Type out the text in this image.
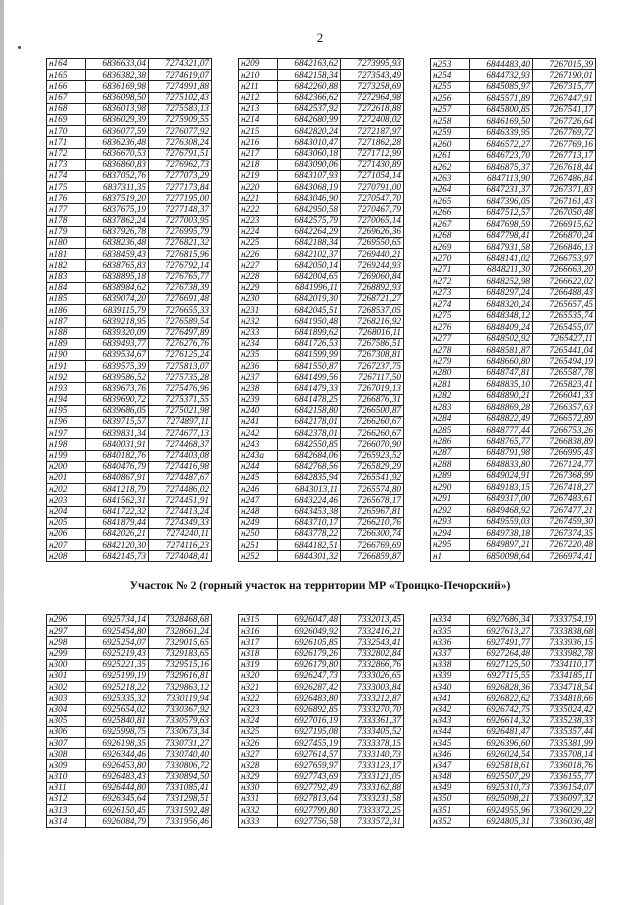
2
н164	6836633,04	7274321,07
н165	6836382,38	7274619,07
н166	6836169,98	7274991,88
н167	6836098,50	7275102,43
н168	6836013,98	7275583,13
н169	6836029,39	7275909,55
н170	6836077,59	7276077,92
н171	6836236,48	7276308,24
н172	6836670,53	7276791,51
н173	6836860,83	7276962,73
н174	6837052,76	7277073,29
н175	6837311,35	7277173,84
н176	6837519,20	7277195,00
н177	6837675,19	7277148,37
н178	6837862,24	7277003,95
н179	6837926,78	7276995,79
н180	6838236,48	7276821,32
н181	6838459,43	7276815,96
н182	6838765,83	7276792,14
н183	6838895,18	7276765,77
н184	6838984,62	7276738,39
н185	6839074,20	7276691,48
н186	6839115,79	7276655,33
н187	6839218,95	7276589,54
н188	6839320,09	7276497,89
н189	6839493,77	7276276,76
н190	6839534,67	7276125,24
н191	6839575,39	7275813,07
н192	6839586,52	7275735,28
н193	6839673,76	7275476,96
н194	6839690,72	7275371,55
н195	6839686,05	7275021,98
н196	6839715,57	7274897,11
н197	6839831,34	7274677,13
н198	6840031,91	7274468,37
н199	6840182,76	7274403,08
н200	6840476,79	7274416,98
н201	6840867,91	7274487,67
н202	6841218,79	7274486,02
н203	6841562,31	7274451,91
н204	6841722,32	7274413,24
н205	6841879,44	7274349,33
н206	6842026,21	7274240,11
н207	6842120,30	7274116,23
н208	6842145,73	7274048,41
н209	6842163,62	7273995,93
н210	6842158,34	7273543,49
н211	6842260,88	7273258,69
н212	6842366,62	7272964,98
н213	6842537,92	7272618,88
н214	6842680,99	7272408,02
н215	6842820,24	7272187,97
н216	6843010,47	7271862,28
н217	6843060,18	7271712,99
н218	6843090,06	7271430,89
н219	6843107,93	7271054,14
н220	6843068,19	7270791,00
н221	6843046,90	7270547,70
н222	6842950,58	7270467,79
н223	6842575,79	7270065,14
н224	6842264,29	7269626,36
н225	6842188,34	7269550,65
н226	6842102,37	7269440,21
н227	6842050,14	7269244,93
н228	6842004,65	7269060,84
н229	6841996,11	7268892,93
н230	6842019,30	7268721,27
н231	6842045,51	7268537,05
н232	6841950,48	7268216,92
н233	6841899,62	7268016,11
н234	6841726,53	7267586,51
н235	6841599,99	7267308,81
н236	6841550,87	7267237,75
н237	6841499,56	7267117,50
н238	6841479,33	7267019,13
н239	6841478,25	7266876,31
н240	6842158,80	7266500,87
н241	6842178,01	7266260,67
н242	6842378,01	7266260,67
н243	6842550,85	7266070,90
н243а	6842684,06	7265923,52
н244	6842768,56	7265829,29
н245	6842835,94	7265541,92
н246	6843013,11	7265574,80
н247	6843224,46	7265678,17
н248	6843453,38	7265967,81
н249	6843710,17	7266210,76
н250	6843778,22	7266300,74
н251	6844182,51	7266769,69
н252	6844301,32	7266859,87
н253	6844483,40	7267015,39
н254	6844732,93	7267190,01
н255	6845085,97	7267315,77
н256	6845571,89	7267447,91
н257	6845800,85	7267541,17
н258	6846169,50	7267726,64
н259	6846339,95	7267769,72
н260	6846572,27	7267769,16
н261	6846723,70	7267713,17
н262	6846875,37	7267618,44
н263	6847113,90	7267486,84
н264	6847231,37	7267371,83
н265	6847396,05	7267161,43
н266	6847512,57	7267050,48
н267	6847698,59	7266915,62
н268	6847798,41	7266870,24
н269	6847931,58	7266846,13
н270	6848141,02	7266753,97
н271	6848211,30	7266663,20
н272	6848252,98	7266622,02
н273	6848297,24	7266488,43
н274	6848320,24	7265657,45
н275	6848348,12	7265535,74
н276	6848409,24	7265455,07
н277	6848502,92	7265427,11
н278	6848581,87	7265441,04
н279	6848660,80	7265494,19
н280	6848747,81	7265587,78
н281	6848835,10	7265823,41
н282	6848890,21	7266041,33
н283	6848869,28	7266357,63
н284	6848822,49	7266572,89
н285	6848777,44	7266753,26
н286	6848765,77	7266838,89
н287	6848791,98	7266995,43
н288	6848833,80	7267124,77
н289	6849024,91	7267368,99
н290	6849183,15	7267418,27
н291	6849317,00	7267483,61
н292	6849468,92	7267477,21
н293	6849559,03	7267459,30
н294	6849738,18	7267374,35
н295	6849897,21	7267220,48
н1	6850098,64	7266974,41
Участок № 2 (горный участок на территории МР «Троицко-Печорский»)
н296	6925734,14	7328468,68
н297	6925454,80	7328661,24
н298	6925254,07	7329015,65
н299	6925219,43	7329183,65
н300	6925221,35	7329515,16
н301	6925199,19	7329616,81
н302	6925218,22	7329863,12
н303	6925335,32	7330119,94
н304	6925654,02	7330367,92
н305	6925840,81	7330579,63
н306	6925998,75	7330673,34
н307	6926198,35	7330731,27
н308	6926344,46	7330740,40
н309	6926453,80	7330806,72
н310	6926483,43	7330894,50
н311	6926444,80	7331085,41
н312	6926345,64	7331298,51
н313	6926150,45	7331592,48
н314	6926084,79	7331956,46
н315	6926047,48	7332013,45
н316	6926049,92	7332416,21
н317	6926105,85	7332543,41
н318	6926179,26	7332802,84
н319	6926179,80	7332866,76
н320	6926247,73	7333026,65
н321	6926287,42	7333003,84
н322	6926483,80	7333212,87
н323	6926892,85	7333270,70
н324	6927016,19	7333361,37
н325	6927195,08	7333405,52
н326	6927455,19	7333378,15
н327	6927614,57	7333140,73
н328	6927659,97	7333123,17
н329	6927743,69	7333121,05
н330	6927792,49	7333162,88
н331	6927813,64	7333231,58
н332	6927799,80	7333372,25
н333	6927756,58	7333572,31
н334	6927686,34	7333754,19
н335	6927613,27	7333838,68
н336	6927491,77	7333936,15
н337	6927264,48	7333982,78
н338	6927125,50	7334110,17
н339	6927115,55	7334185,11
н340	6926828,36	7334718,54
н341	6926822,62	7334818,66
н342	6926742,75	7335024,42
н343	6926614,32	7335238,33
н344	6926481,47	7335357,44
н345	6926396,60	7335381,99
н346	6926024,54	7335708,14
н347	6925818,61	7336018,76
н348	6925507,29	7336155,77
н349	6925310,73	7336154,07
н350	6925098,21	7336097,32
н351	6924955,96	7336029,22
н352	6924805,31	7336036,48
